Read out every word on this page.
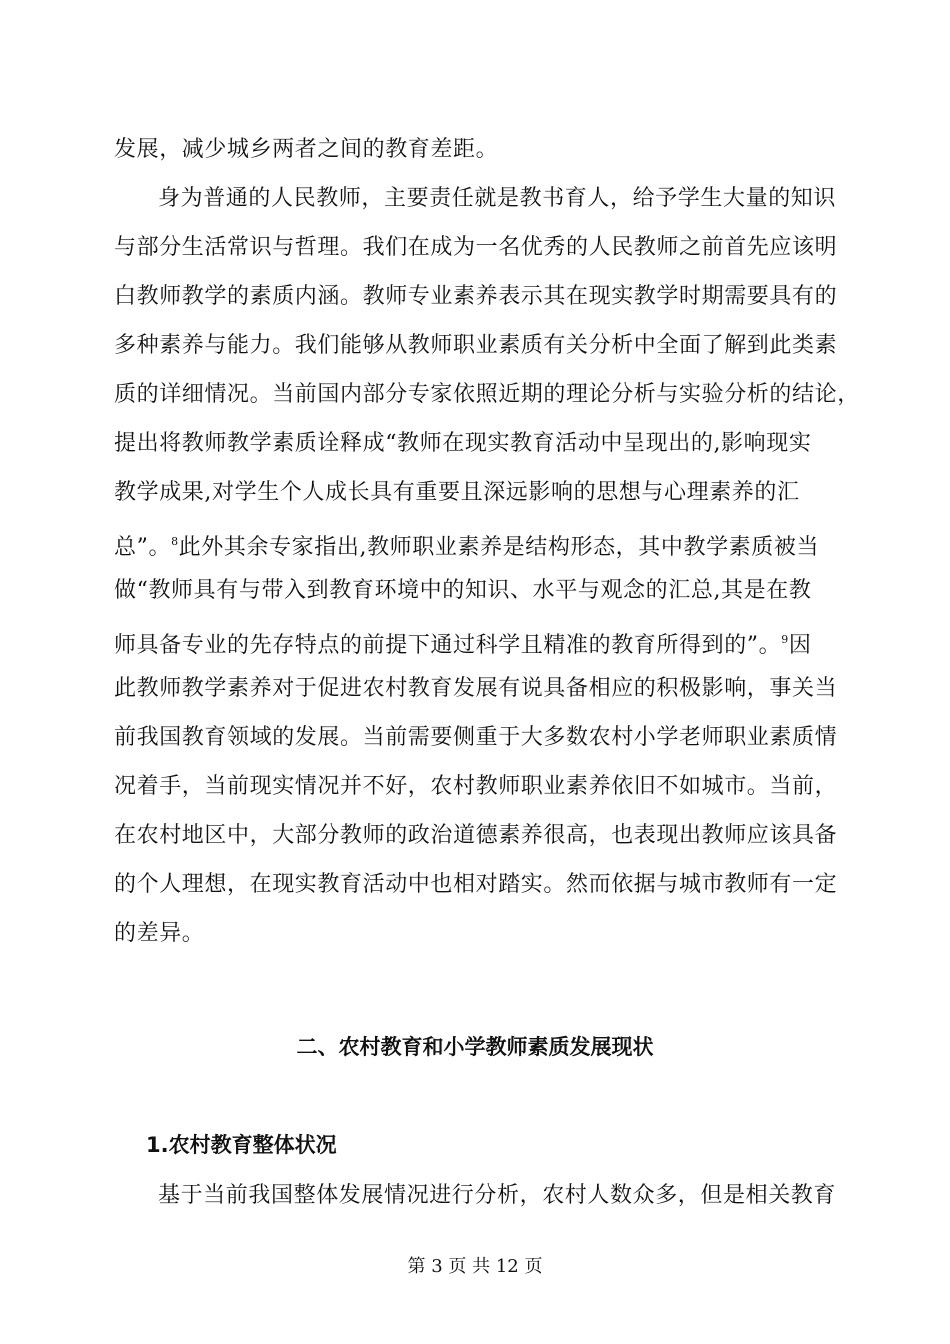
发展，减少城乡两者之间的教育差距。
身为普通的人民教师，主要责任就是教书育人，给予学生大量的知识
与部分生活常识与哲理。我们在成为一名优秀的人民教师之前首先应该明
白教师教学的素质内涵。教师专业素养表示其在现实教学时期需要具有的
多种素养与能力。我们能够从教师职业素质有关分析中全面了解到此类素
质的详细情况。当前国内部分专家依照近期的理论分析与实验分析的结论，
提出将教师教学素质诠释成“教师在现实教育活动中呈现出的,影响现实
教学成果,对学生个人成长具有重要且深远影响的思想与心理素养的汇
总”。$^8$此外其余专家指出,教师职业素养是结构形态，其中教学素质被当
做“教师具有与带入到教育环境中的知识、水平与观念的汇总,其是在教
师具备专业的先存特点的前提下通过科学且精准的教育所得到的”。$^9$因
此教师教学素养对于促进农村教育发展有说具备相应的积极影响，事关当
前我国教育领域的发展。当前需要侧重于大多数农村小学老师职业素质情
况着手，当前现实情况并不好，农村教师职业素养依旧不如城市。当前，
在农村地区中，大部分教师的政治道德素养很高，也表现出教师应该具备
的个人理想，在现实教育活动中也相对踏实。然而依据与城市教师有一定
的差异。
二、农村教育和小学教师素质发展现状
1.农村教育整体状况
基于当前我国整体发展情况进行分析，农村人数众多，但是相关教育
第 3 页 共 12 页
